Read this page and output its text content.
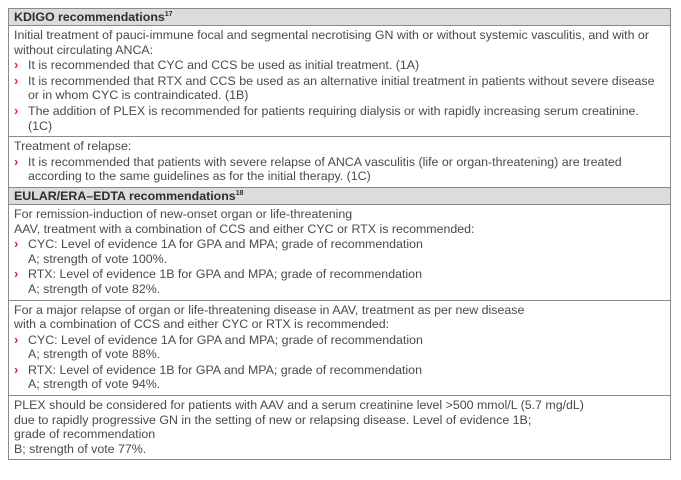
KDIGO recommendations$^{17}$
Initial treatment of pauci-immune focal and segmental necrotising GN with or without systemic vasculitis, and with or without circulating ANCA:
› It is recommended that CYC and CCS be used as initial treatment. (1A)
› It is recommended that RTX and CCS be used as an alternative initial treatment in patients without severe disease or in whom CYC is contraindicated. (1B)
› The addition of PLEX is recommended for patients requiring dialysis or with rapidly increasing serum creatinine. (1C)
Treatment of relapse:
› It is recommended that patients with severe relapse of ANCA vasculitis (life or organ-threatening) are treated according to the same guidelines as for the initial therapy. (1C)
EULAR/ERA–EDTA recommendations$^{18}$
For remission-induction of new-onset organ or life-threatening
AAV, treatment with a combination of CCS and either CYC or RTX is recommended:
› CYC: Level of evidence 1A for GPA and MPA; grade of recommendation
A; strength of vote 100%.
› RTX: Level of evidence 1B for GPA and MPA; grade of recommendation
A; strength of vote 82%.
For a major relapse of organ or life-threatening disease in AAV, treatment as per new disease
with a combination of CCS and either CYC or RTX is recommended:
› CYC: Level of evidence 1A for GPA and MPA; grade of recommendation
A; strength of vote 88%.
› RTX: Level of evidence 1B for GPA and MPA; grade of recommendation
A; strength of vote 94%.
PLEX should be considered for patients with AAV and a serum creatinine level >500 mmol/L (5.7 mg/dL)
due to rapidly progressive GN in the setting of new or relapsing disease. Level of evidence 1B;
grade of recommendation
B; strength of vote 77%.
